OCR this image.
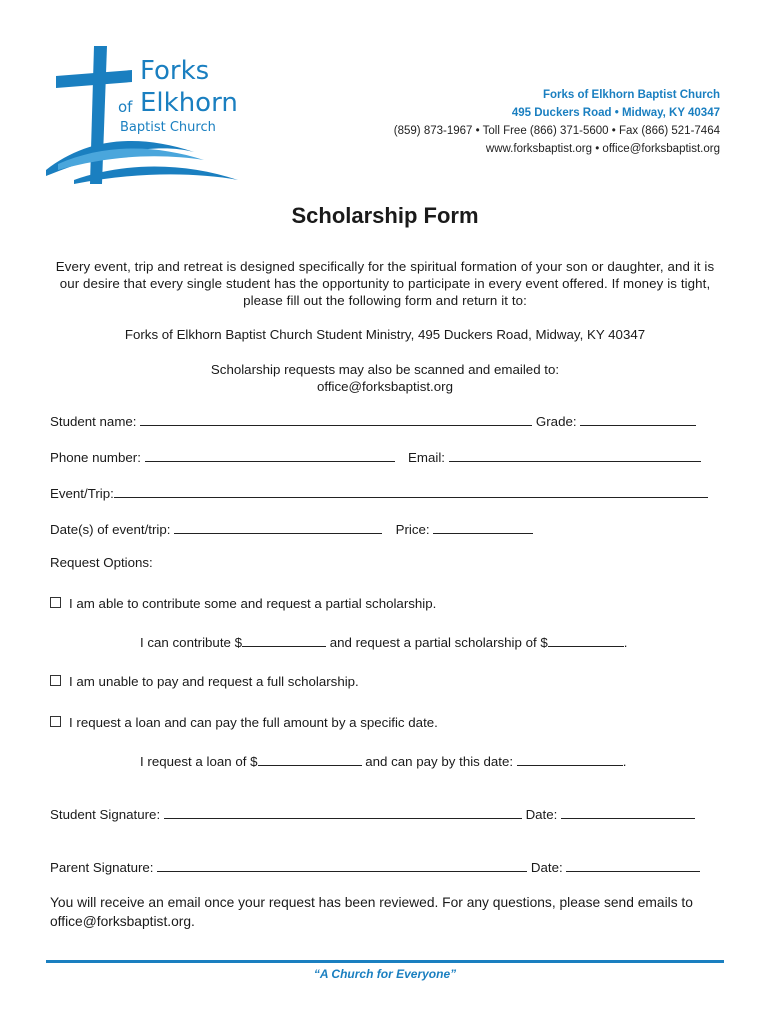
Forks
of Elkhorn
Baptist Church
Forks of Elkhorn Baptist Church
495 Duckers Road • Midway, KY 40347
(859) 873-1967 • Toll Free (866) 371-5600 • Fax (866) 521-7464
www.forksbaptist.org • office@forksbaptist.org
Scholarship Form
Every event, trip and retreat is designed specifically for the spiritual formation of your son or daughter, and it is our desire that every single student has the opportunity to participate in every event offered. If money is tight, please fill out the following form and return it to:
Forks of Elkhorn Baptist Church Student Ministry, 495 Duckers Road, Midway, KY 40347
Scholarship requests may also be scanned and emailed to:
office@forksbaptist.org
Student name:	Grade:
Phone number:	Email:
Event/Trip:
Date(s) of event/trip:	Price:
Request Options:
I am able to contribute some and request a partial scholarship.
I can contribute $	and request a partial scholarship of $	.
I am unable to pay and request a full scholarship.
I request a loan and can pay the full amount by a specific date.
I request a loan of $	and can pay by this date:	.
Student Signature:	Date:
Parent Signature:	Date:
You will receive an email once your request has been reviewed. For any questions, please send emails to office@forksbaptist.org.
“A Church for Everyone”
